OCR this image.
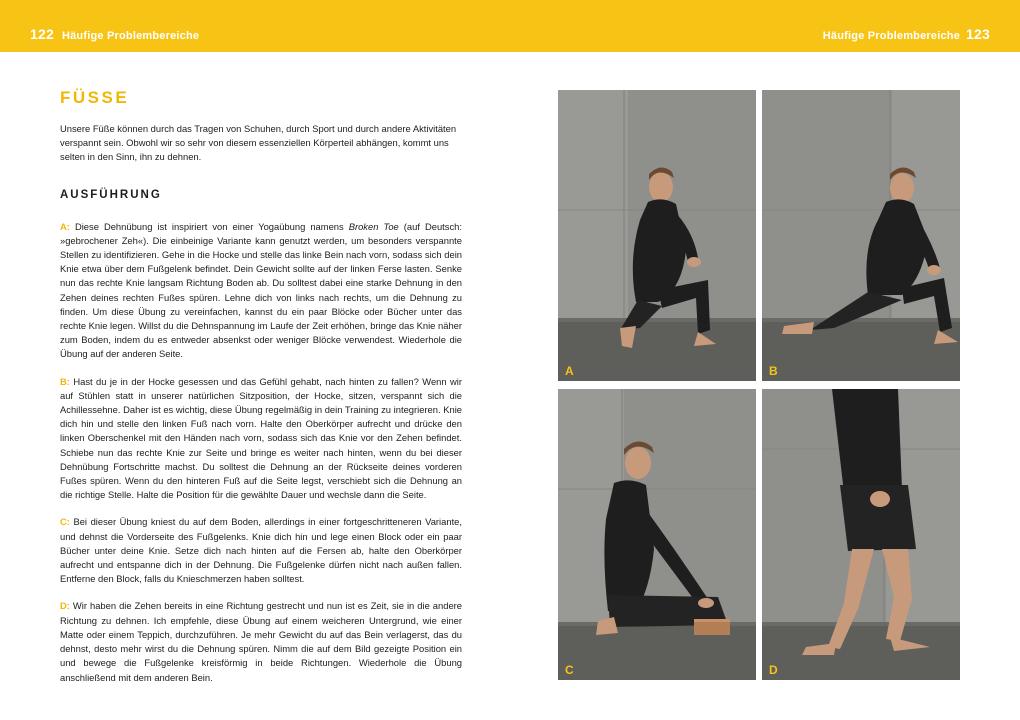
122 Häufige Problembereiche	Häufige Problembereiche 123
FÜSSE

Unsere Füße können durch das Tragen von Schuhen, durch Sport und durch andere Aktivitäten verspannt sein. Obwohl wir so sehr von diesem essenziellen Körperteil abhängen, kommt uns selten in den Sinn, ihn zu dehnen.

AUSFÜHRUNG

A: Diese Dehnübung ist inspiriert von einer Yogaübung namens Broken Toe (auf Deutsch: »gebrochener Zeh«). Die einbeinige Variante kann genutzt werden, um besonders verspannte Stellen zu identifizieren. Gehe in die Hocke und stelle das linke Bein nach vorn, sodass sich dein Knie etwa über dem Fußgelenk befindet. Dein Gewicht sollte auf der linken Ferse lasten. Senke nun das rechte Knie langsam Richtung Boden ab. Du solltest dabei eine starke Dehnung in den Zehen deines rechten Fußes spüren. Lehne dich von links nach rechts, um die Dehnung zu finden. Um diese Übung zu vereinfachen, kannst du ein paar Blöcke oder Bücher unter das rechte Knie legen. Willst du die Dehnspannung im Laufe der Zeit erhöhen, bringe das Knie näher zum Boden, indem du es entweder absenkst oder weniger Blöcke verwendest. Wiederhole die Übung auf der anderen Seite.

B: Hast du je in der Hocke gesessen und das Gefühl gehabt, nach hinten zu fallen? Wenn wir auf Stühlen statt in unserer natürlichen Sitzposition, der Hocke, sitzen, verspannt sich die Achillessehne. Daher ist es wichtig, diese Übung regelmäßig in dein Training zu integrieren. Knie dich hin und stelle den linken Fuß nach vorn. Halte den Oberkörper aufrecht und drücke den linken Oberschenkel mit den Händen nach vorn, sodass sich das Knie vor den Zehen befindet. Schiebe nun das rechte Knie zur Seite und bringe es weiter nach hinten, wenn du bei dieser Dehnübung Fortschritte machst. Du solltest die Dehnung an der Rückseite deines vorderen Fußes spüren. Wenn du den hinteren Fuß auf die Seite legst, verschiebt sich die Dehnung an die richtige Stelle. Halte die Position für die gewählte Dauer und wechsle dann die Seite.

C: Bei dieser Übung kniest du auf dem Boden, allerdings in einer fortgeschritteneren Variante, und dehnst die Vorderseite des Fußgelenks. Knie dich hin und lege einen Block oder ein paar Bücher unter deine Knie. Setze dich nach hinten auf die Fersen ab, halte den Oberkörper aufrecht und entspanne dich in der Dehnung. Die Fußgelenke dürfen nicht nach außen fallen. Entferne den Block, falls du Knieschmerzen haben solltest.

D: Wir haben die Zehen bereits in eine Richtung gestrecht und nun ist es Zeit, sie in die andere Richtung zu dehnen. Ich empfehle, diese Übung auf einem weicheren Untergrund, wie einer Matte oder einem Teppich, durchzuführen. Je mehr Gewicht du auf das Bein verlagerst, das du dehnst, desto mehr wirst du die Dehnung spüren. Nimm die auf dem Bild gezeigte Position ein und bewege die Fußgelenke kreisförmig in beide Richtungen. Wiederhole die Übung anschließend mit dem anderen Bein.

A	B
C	D
